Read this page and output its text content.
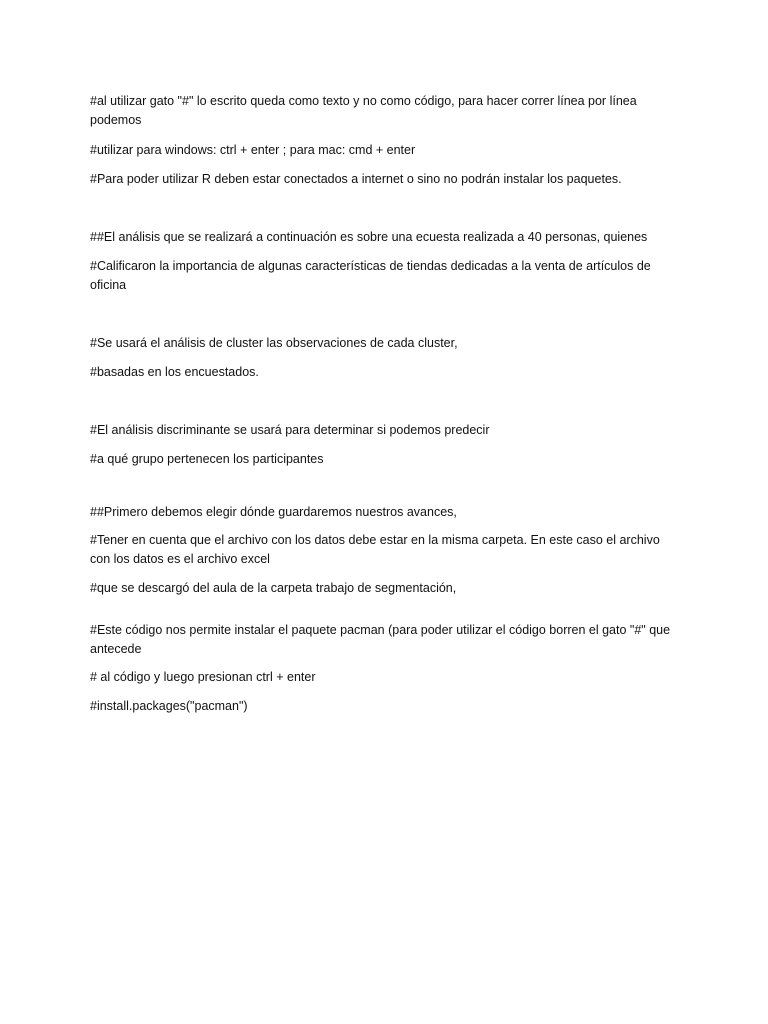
#al utilizar gato "#" lo escrito queda como texto y no como código, para hacer correr línea por línea podemos
#utilizar para windows: ctrl + enter ; para mac: cmd + enter
#Para poder utilizar R deben estar conectados a internet o sino no podrán instalar los paquetes.
##El análisis que se realizará a continuación es sobre una ecuesta realizada a 40 personas, quienes
#Calificaron la importancia de algunas características de tiendas dedicadas a la venta de artículos de oficina
#Se usará el análisis de cluster las observaciones de cada cluster,
#basadas en los encuestados.
#El análisis discriminante se usará para determinar si podemos predecir
#a qué grupo pertenecen los participantes
##Primero debemos elegir dónde guardaremos nuestros avances,
#Tener en cuenta que el archivo con los datos debe estar en la misma carpeta. En este caso el archivo con los datos es el archivo excel
#que se descargó del aula de la carpeta trabajo de segmentación,
#Este código nos permite instalar el paquete pacman (para poder utilizar el código borren el gato "#" que antecede
# al código y luego presionan ctrl + enter
#install.packages("pacman")
